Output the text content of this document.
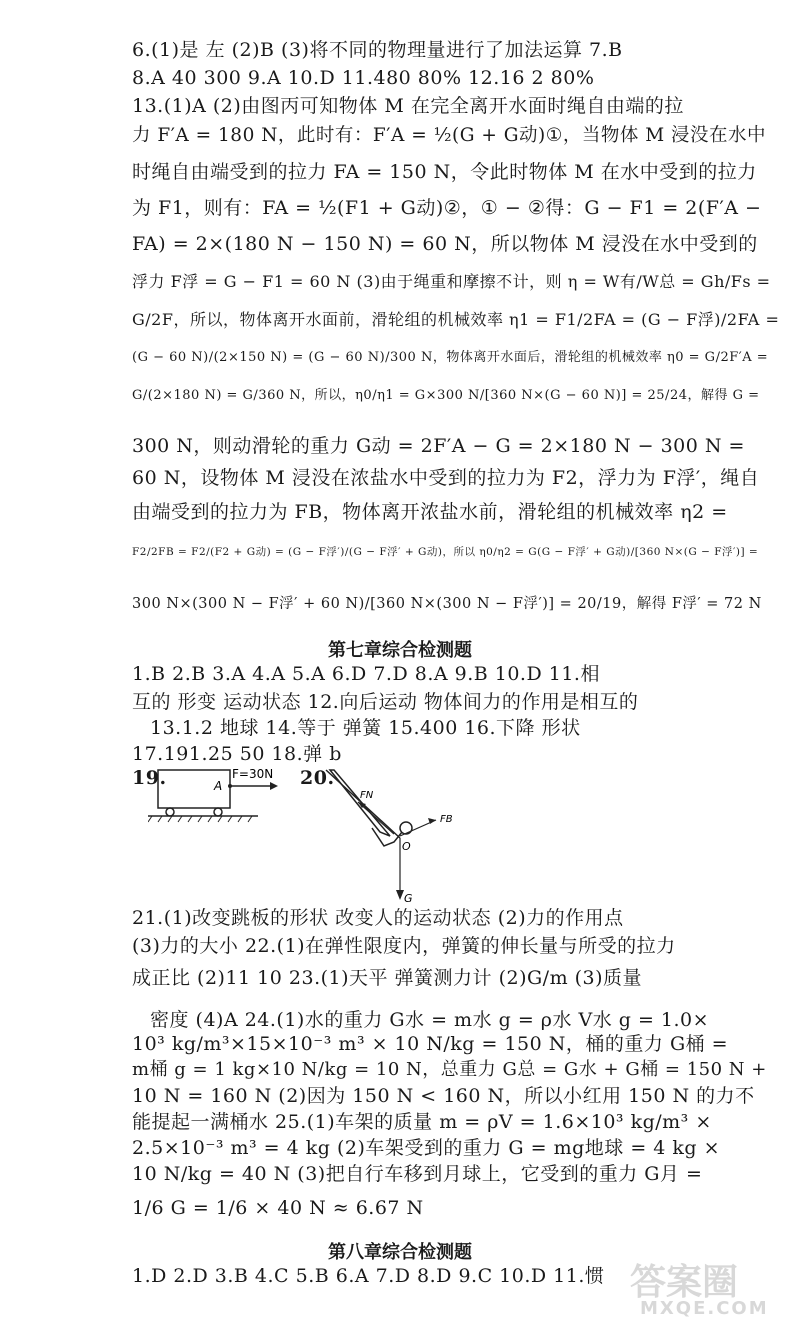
6.(1)是 左 (2)B (3)将不同的物理量进行了加法运算 7.B
8.A 40 300 9.A 10.D 11.480 80% 12.16 2 80%
13.(1)A (2)由图丙可知物体 M 在完全离开水面时绳自由端的拉
力 F′A = 180 N，此时有：F′A = ½(G + G动)①，当物体 M 浸没在水中
时绳自由端受到的拉力 FA = 150 N，令此时物体 M 在水中受到的拉力
为 F1，则有：FA = ½(F1 + G动)②，① − ②得：G − F1 = 2(F′A −
FA) = 2×(180 N − 150 N) = 60 N，所以物体 M 浸没在水中受到的
浮力 F浮 = G − F1 = 60 N (3)由于绳重和摩擦不计，则 η = W有/W总 = Gh/Fs =
G/2F，所以，物体离开水面前，滑轮组的机械效率 η1 = F1/2FA = (G − F浮)/2FA =
(G − 60 N)/(2×150 N) = (G − 60 N)/300 N，物体离开水面后，滑轮组的机械效率 η0 = G/2F′A =
G/(2×180 N) = G/360 N，所以，η0/η1 = G×300 N/[360 N×(G − 60 N)] = 25/24，解得 G =
300 N，则动滑轮的重力 G动 = 2F′A − G = 2×180 N − 300 N =
60 N，设物体 M 浸没在浓盐水中受到的拉力为 F2，浮力为 F浮′，绳自
由端受到的拉力为 FB，物体离开浓盐水前，滑轮组的机械效率 η2 =
F2/2FB = F2/(F2 + G动) = (G − F浮′)/(G − F浮′ + G动)，所以 η0/η2 = G(G − F浮′ + G动)/[360 N×(G − F浮′)] =
300 N×(300 N − F浮′ + 60 N)/[360 N×(300 N − F浮′)] = 20/19，解得 F浮′ = 72 N
第七章综合检测题
1.B 2.B 3.A 4.A 5.A 6.D 7.D 8.A 9.B 10.D 11.相
互的 形变 运动状态 12.向后运动 物体间力的作用是相互的
13.1.2 地球 14.等于 弹簧 15.400 16.下降 形状
17.191.25 50 18.弹 b
19.	A
F=30N 20.
FN
FB
O
G
21.(1)改变跳板的形状 改变人的运动状态 (2)力的作用点
(3)力的大小 22.(1)在弹性限度内，弹簧的伸长量与所受的拉力
成正比 (2)11 10 23.(1)天平 弹簧测力计 (2)G/m (3)质量
密度 (4)A 24.(1)水的重力 G水 = m水 g = ρ水 V水 g = 1.0×
10³ kg/m³×15×10⁻³ m³ × 10 N/kg = 150 N，桶的重力 G桶 =
m桶 g = 1 kg×10 N/kg = 10 N，总重力 G总 = G水 + G桶 = 150 N +
10 N = 160 N (2)因为 150 N < 160 N，所以小红用 150 N 的力不
能提起一满桶水 25.(1)车架的质量 m = ρV = 1.6×10³ kg/m³ ×
2.5×10⁻³ m³ = 4 kg (2)车架受到的重力 G = mg地球 = 4 kg ×
10 N/kg = 40 N (3)把自行车移到月球上，它受到的重力 G月 =
1/6 G = 1/6 × 40 N ≈ 6.67 N
第八章综合检测题
1.D 2.D 3.B 4.C 5.B 6.A 7.D 8.D 9.C 10.D 11.惯 答案圈
MXQE.COM
